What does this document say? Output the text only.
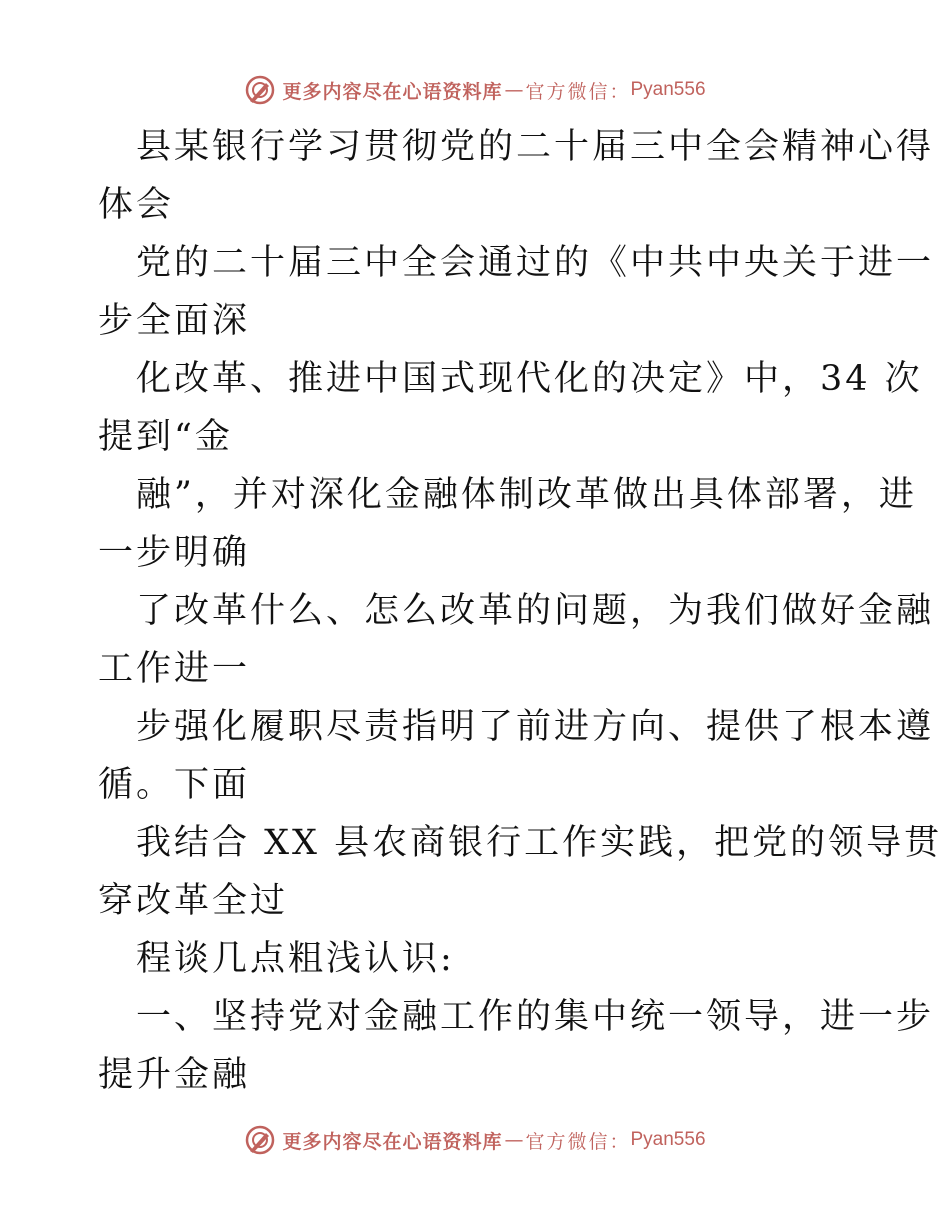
更多内容尽在心语资料库 — 官方微信： Pyan556
县某银行学习贯彻党的二十届三中全会精神心得
体会
党的二十届三中全会通过的《中共中央关于进一
步全面深
化改革、推进中国式现代化的决定》中，34 次
提到“金
融”，并对深化金融体制改革做出具体部署，进
一步明确
了改革什么、怎么改革的问题，为我们做好金融
工作进一
步强化履职尽责指明了前进方向、提供了根本遵
循。下面
我结合 XX 县农商银行工作实践，把党的领导贯
穿改革全过
程谈几点粗浅认识:
一、坚持党对金融工作的集中统一领导，进一步
提升金融
更多内容尽在心语资料库 — 官方微信： Pyan556
